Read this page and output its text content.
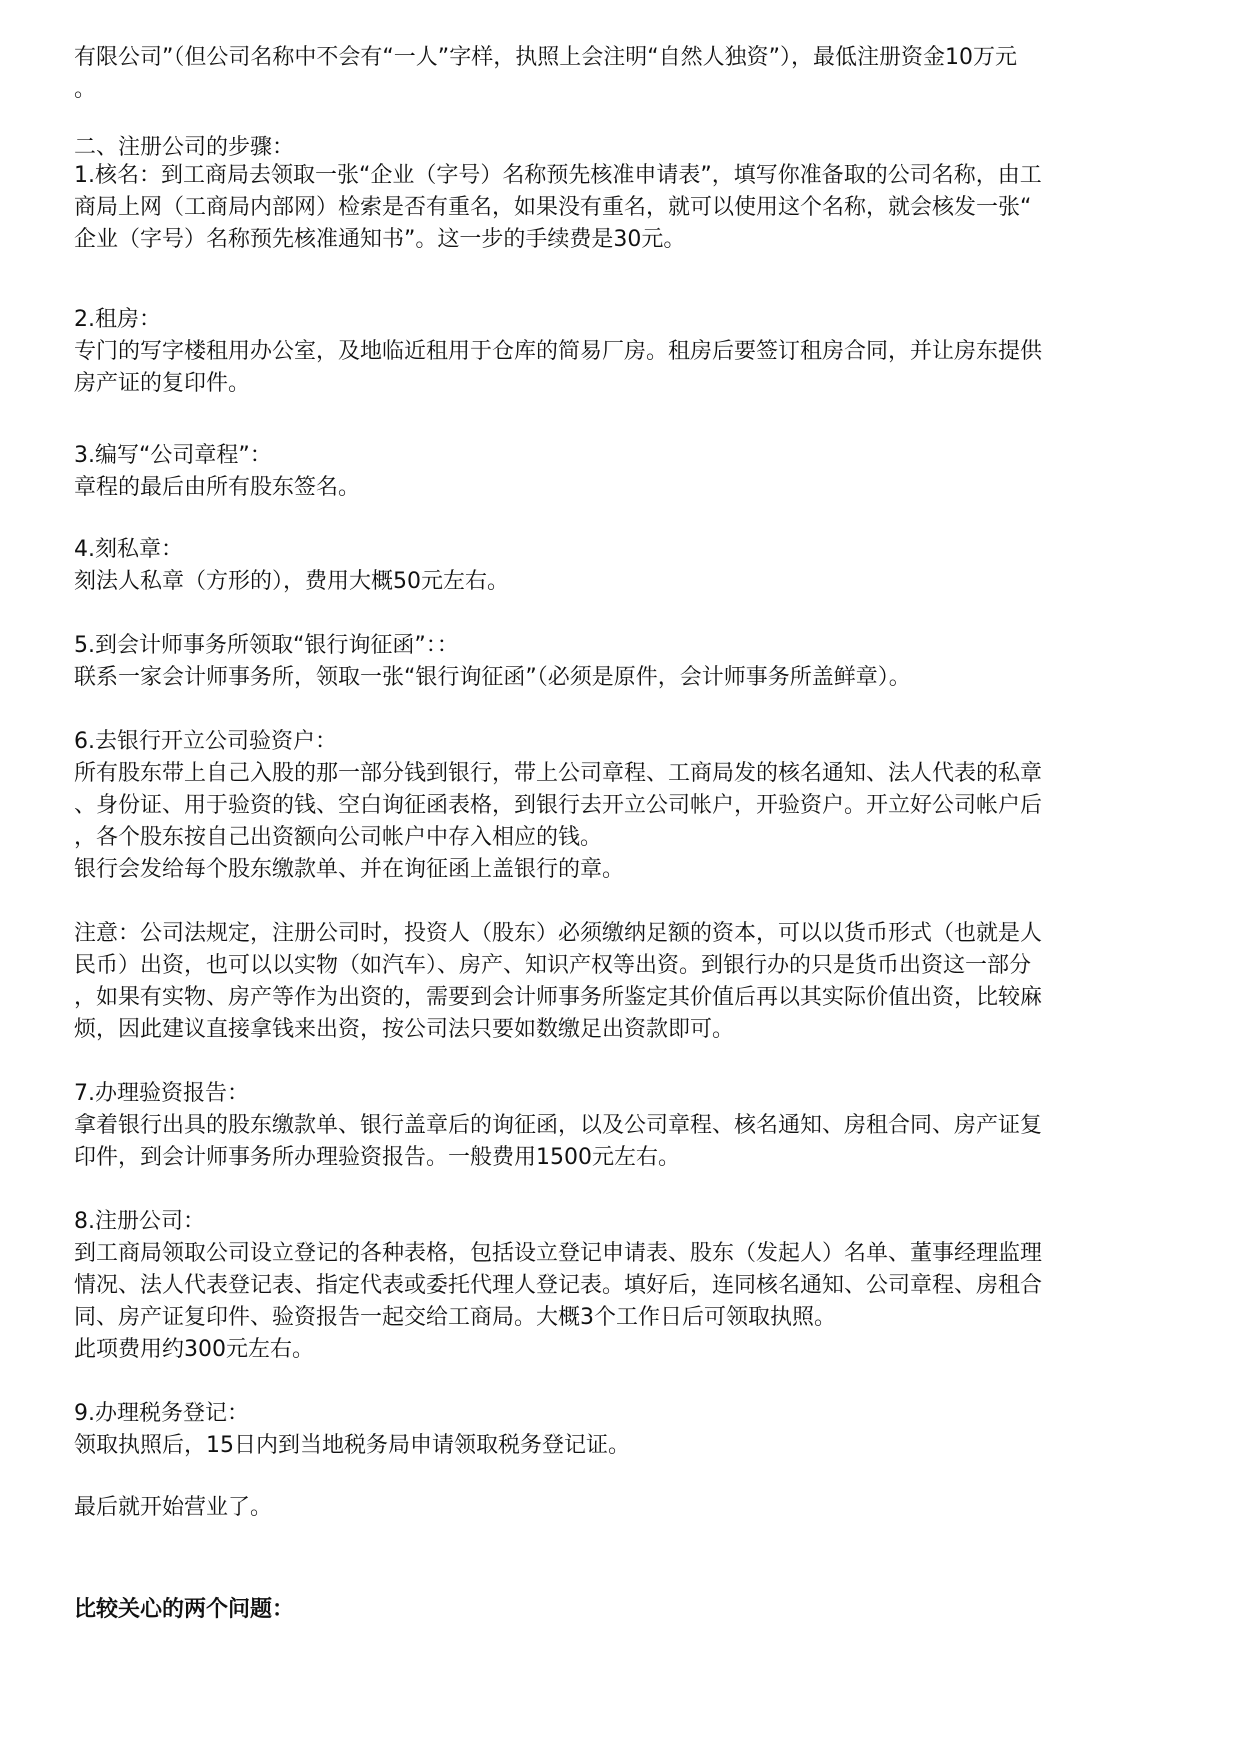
有限公司”（但公司名称中不会有“一人”字样，执照上会注明“自然人独资”），最低注册资金10万元

。

二、注册公司的步骤：

1.核名：到工商局去领取一张“企业（字号）名称预先核准申请表”，填写你准备取的公司名称，由工

商局上网（工商局内部网）检索是否有重名，如果没有重名，就可以使用这个名称，就会核发一张“

企业（字号）名称预先核准通知书”。这一步的手续费是30元。

2.租房：

专门的写字楼租用办公室，及地临近租用于仓库的简易厂房。租房后要签订租房合同，并让房东提供

房产证的复印件。

3.编写“公司章程”：

章程的最后由所有股东签名。

4.刻私章：

刻法人私章（方形的），费用大概50元左右。

5.到会计师事务所领取“银行询征函”：：

联系一家会计师事务所，领取一张“银行询征函”（必须是原件，会计师事务所盖鲜章）。

6.去银行开立公司验资户：

所有股东带上自己入股的那一部分钱到银行，带上公司章程、工商局发的核名通知、法人代表的私章

、身份证、用于验资的钱、空白询征函表格，到银行去开立公司帐户，开验资户。开立好公司帐户后

，各个股东按自己出资额向公司帐户中存入相应的钱。

银行会发给每个股东缴款单、并在询征函上盖银行的章。

注意：公司法规定，注册公司时，投资人（股东）必须缴纳足额的资本，可以以货币形式（也就是人

民币）出资，也可以以实物（如汽车）、房产、知识产权等出资。到银行办的只是货币出资这一部分

，如果有实物、房产等作为出资的，需要到会计师事务所鉴定其价值后再以其实际价值出资，比较麻

烦，因此建议直接拿钱来出资，按公司法只要如数缴足出资款即可。

7.办理验资报告：

拿着银行出具的股东缴款单、银行盖章后的询征函，以及公司章程、核名通知、房租合同、房产证复

印件，到会计师事务所办理验资报告。一般费用1500元左右。

8.注册公司：

到工商局领取公司设立登记的各种表格，包括设立登记申请表、股东（发起人）名单、董事经理监理

情况、法人代表登记表、指定代表或委托代理人登记表。填好后，连同核名通知、公司章程、房租合

同、房产证复印件、验资报告一起交给工商局。大概3个工作日后可领取执照。

此项费用约300元左右。

9.办理税务登记：

领取执照后，15日内到当地税务局申请领取税务登记证。

最后就开始营业了。

比较关心的两个问题：
